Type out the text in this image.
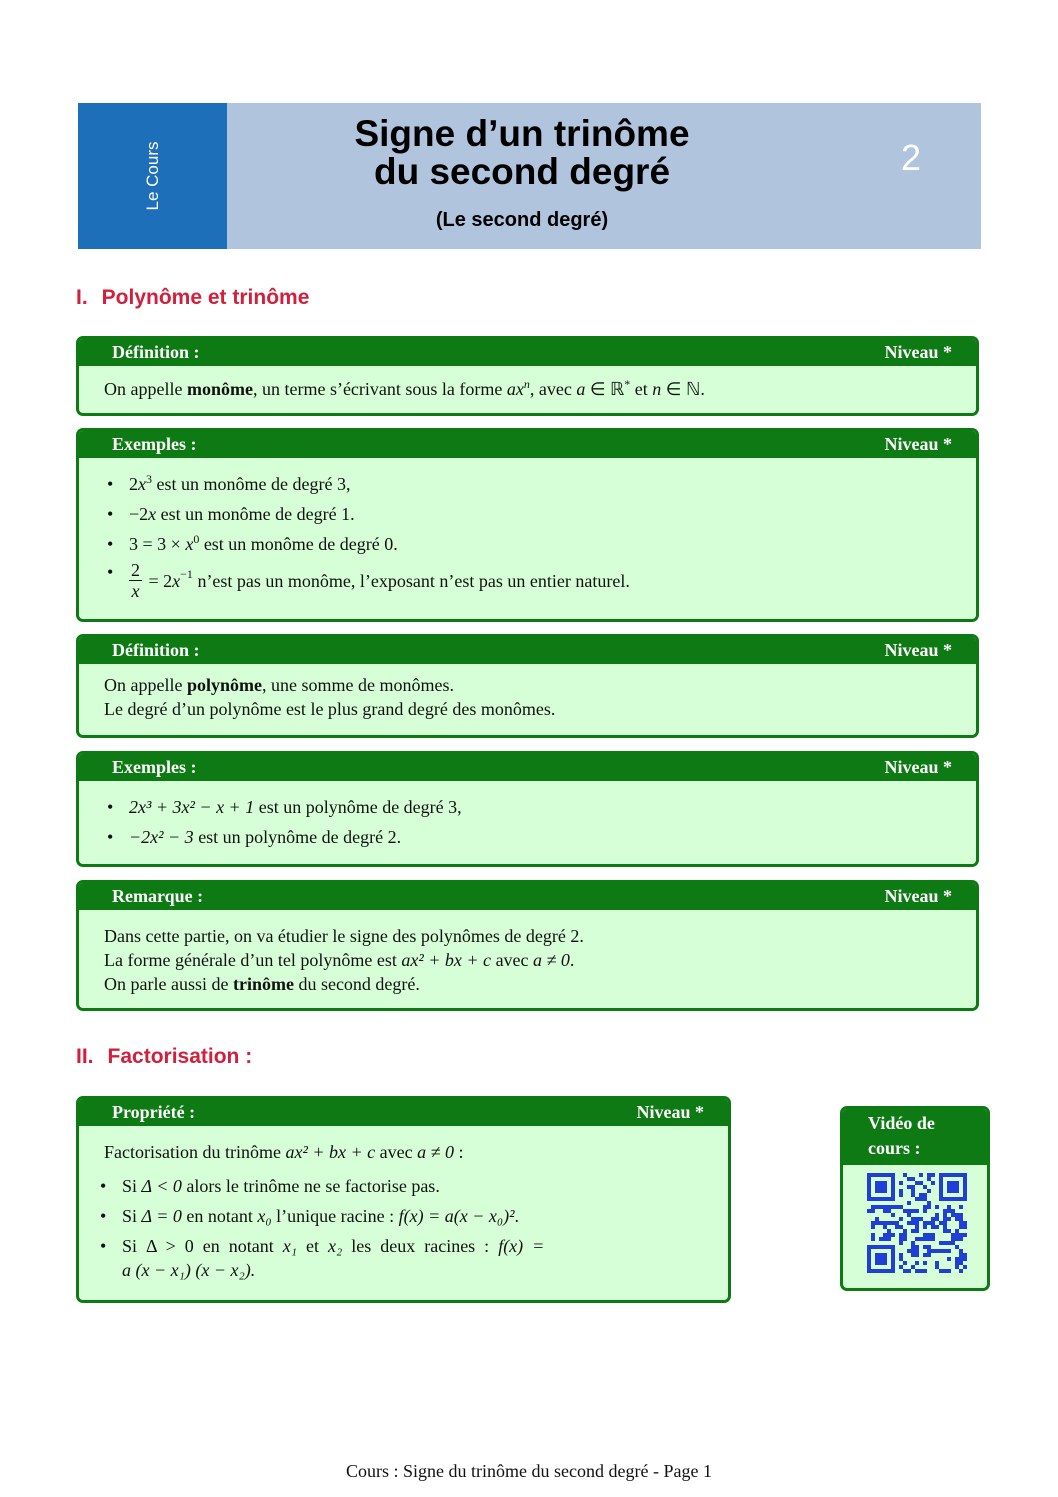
Le Cours
Signe d’un trinôme
du second degré
(Le second degré)
2
I. Polynôme et trinôme
Définition :	Niveau *
On appelle monôme, un terme s’écrivant sous la forme $ax^n$, avec a ∈ ℝ* et n ∈ ℕ.
Exemples :	Niveau *
• $2x^3$ est un monôme de degré 3,
• −2x est un monôme de degré 1.
• $3 = 3 \times x^0$ est un monôme de degré 0.
• $\frac{2}{x} = 2$ $x^{-1}$ n’est pas un monôme, l’exposant n’est pas un entier naturel.
Définition :	Niveau *
On appelle polynôme, une somme de monômes.
Le degré d’un polynôme est le plus grand degré des monômes.
Exemples :	Niveau *
• 2x³ + 3x² − x + 1 est un polynôme de degré 3,
• −2x² − 3 est un polynôme de degré 2.
Remarque :	Niveau *
Dans cette partie, on va étudier le signe des polynômes de degré 2.
La forme générale d’un tel polynôme est ax² + bx + c avec a ≠ 0.
On parle aussi de trinôme du second degré.
II. Factorisation :
Propriété :	Niveau *
Factorisation du trinôme ax² + bx + c avec a ≠ 0 :
• Si Δ < 0 alors le trinôme ne se factorise pas.
• Si Δ = 0 en notant x₀ l’unique racine : f(x) = a(x − x₀)².
• Si  Δ  >  0  en  notant  x₁  et  x₂  les  deux  racines  :  f(x)  =
a (x − x₁) (x − x₂).
Vidéo de cours :
Cours : Signe du trinôme du second degré - Page 1
